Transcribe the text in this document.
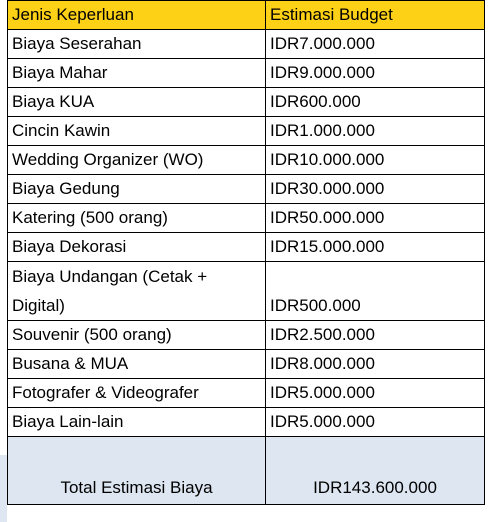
Jenis Keperluan	Estimasi Budget
Biaya Seserahan	IDR7.000.000
Biaya Mahar	IDR9.000.000
Biaya KUA	IDR600.000
Cincin Kawin	IDR1.000.000
Wedding Organizer (WO)	IDR10.000.000
Biaya Gedung	IDR30.000.000
Katering (500 orang)	IDR50.000.000
Biaya Dekorasi	IDR15.000.000
Biaya Undangan (Cetak + Digital)	IDR500.000
Souvenir (500 orang)	IDR2.500.000
Busana & MUA	IDR8.000.000
Fotografer & Videografer	IDR5.000.000
Biaya Lain-lain	IDR5.000.000
Total Estimasi Biaya	IDR143.600.000
